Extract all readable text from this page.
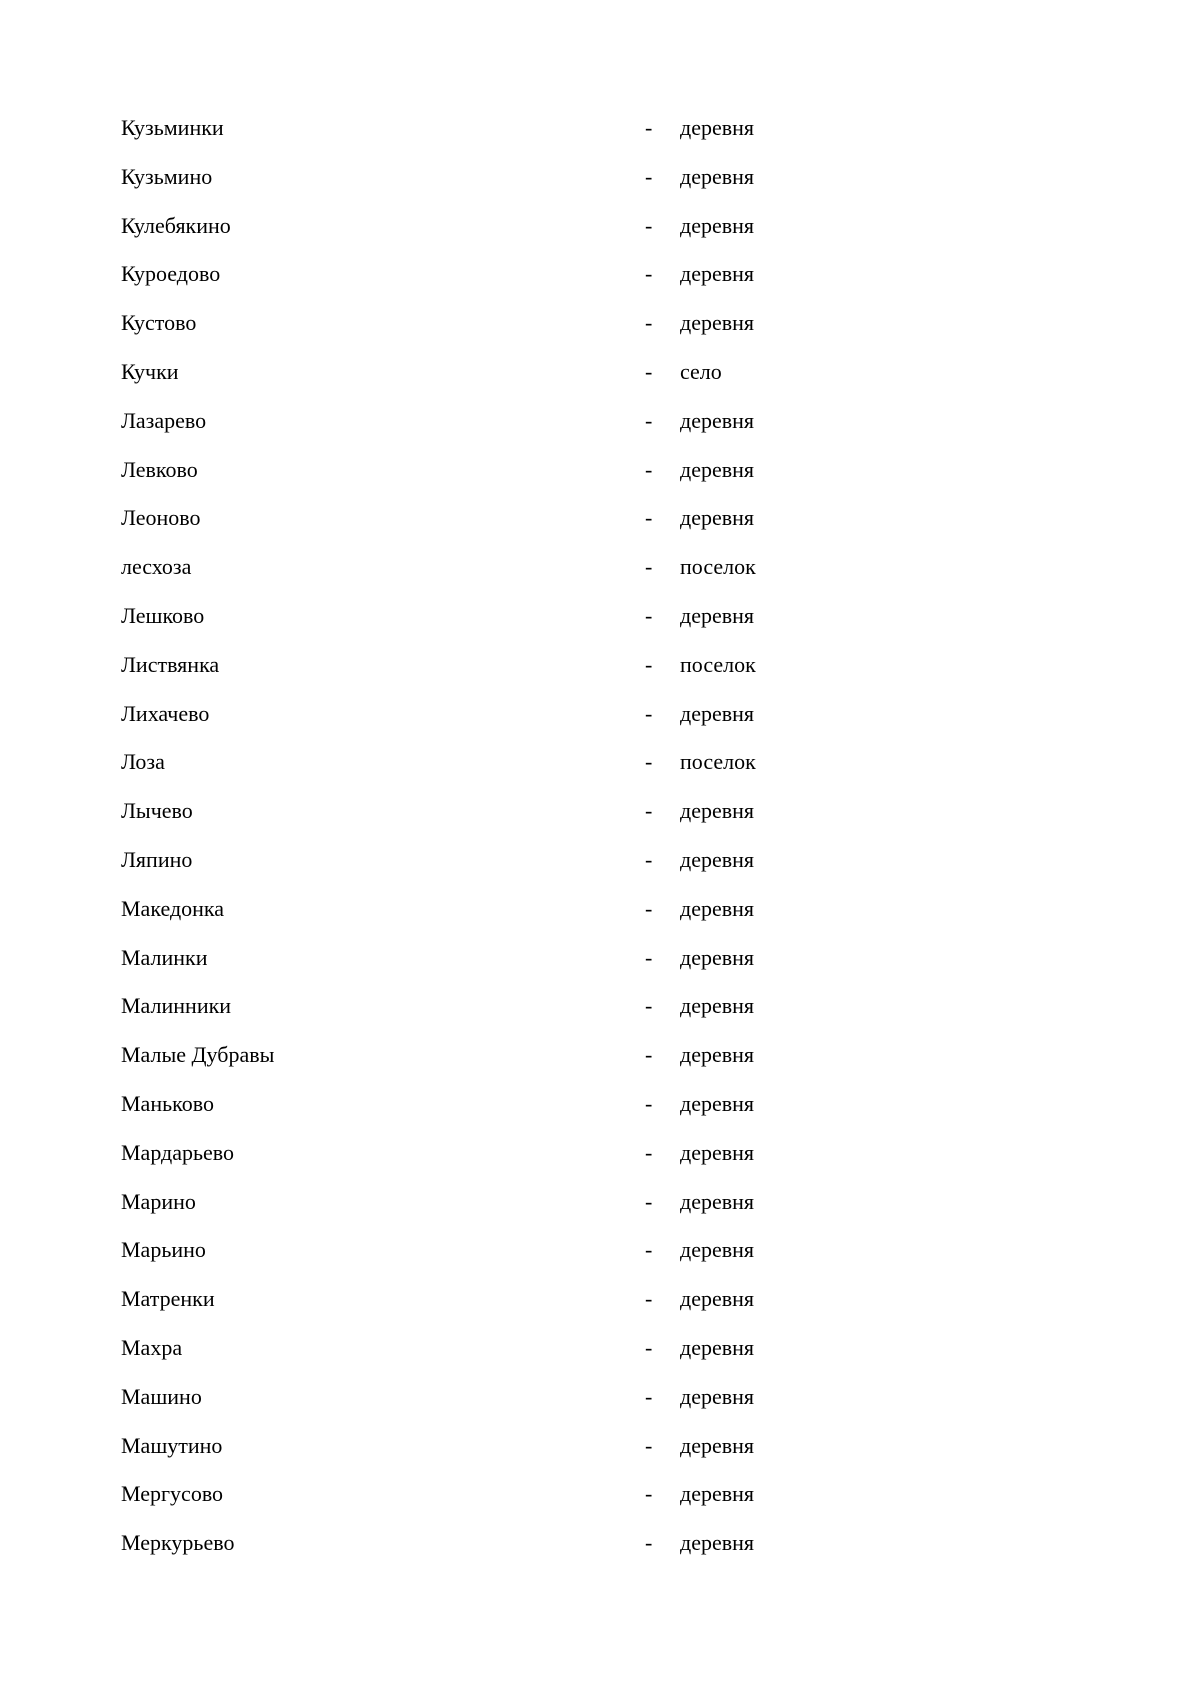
Кузьминки	- деревня
Кузьмино	- деревня
Кулебякино	- деревня
Куроедово	- деревня
Кустово	- деревня
Кучки	- село
Лазарево	- деревня
Левково	- деревня
Леоново	- деревня
лесхоза	- поселок
Лешково	- деревня
Листвянка	- поселок
Лихачево	- деревня
Лоза	- поселок
Лычево	- деревня
Ляпино	- деревня
Македонка	- деревня
Малинки	- деревня
Малинники	- деревня
Малые Дубравы	- деревня
Маньково	- деревня
Мардарьево	- деревня
Марино	- деревня
Марьино	- деревня
Матренки	- деревня
Махра	- деревня
Машино	- деревня
Машутино	- деревня
Мергусово	- деревня
Меркурьево	- деревня
